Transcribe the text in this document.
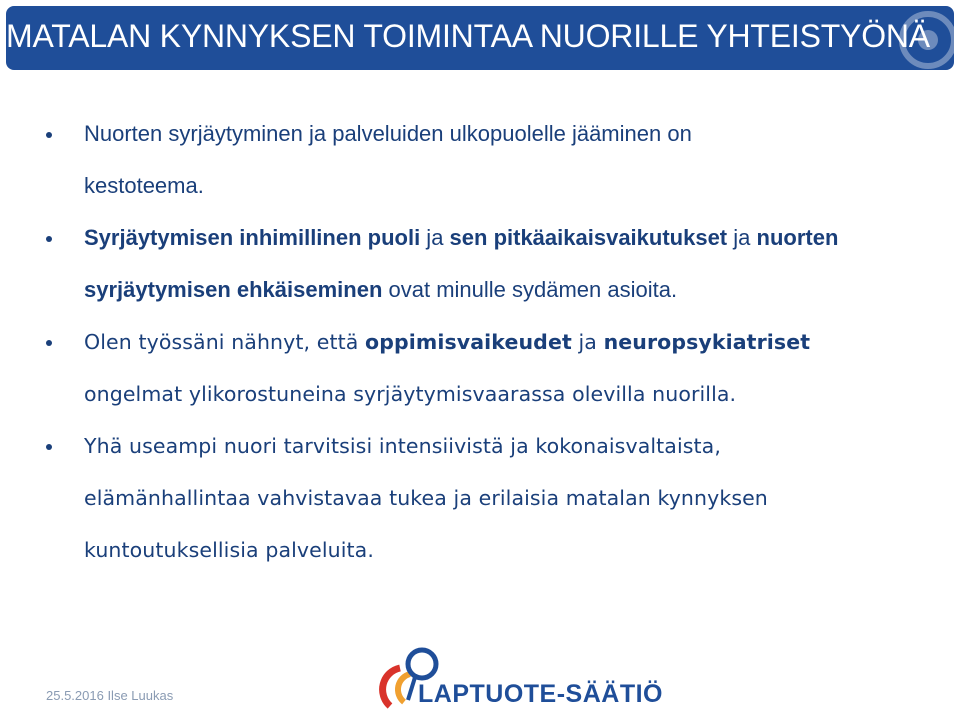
MATALAN KYNNYKSEN TOIMINTAA NUORILLE YHTEISTYÖNÄ
Nuorten syrjäytyminen ja palveluiden ulkopuolelle jääminen on
kestoteema.
Syrjäytymisen inhimillinen puoli ja sen pitkäaikaisvaikutukset ja nuorten
syrjäytymisen ehkäiseminen ovat minulle sydämen asioita.
Olen työssäni nähnyt, että oppimisvaikeudet ja neuropsykiatriset
ongelmat ylikorostuneina syrjäytymisvaarassa olevilla nuorilla.
Yhä useampi nuori tarvitsisi intensiivistä ja kokonaisvaltaista,
elämänhallintaa vahvistavaa tukea ja erilaisia matalan kynnyksen
kuntoutuksellisia palveluita.
25.5.2016 Ilse Luukas	LAPTUOTE-SÄÄTIÖ
